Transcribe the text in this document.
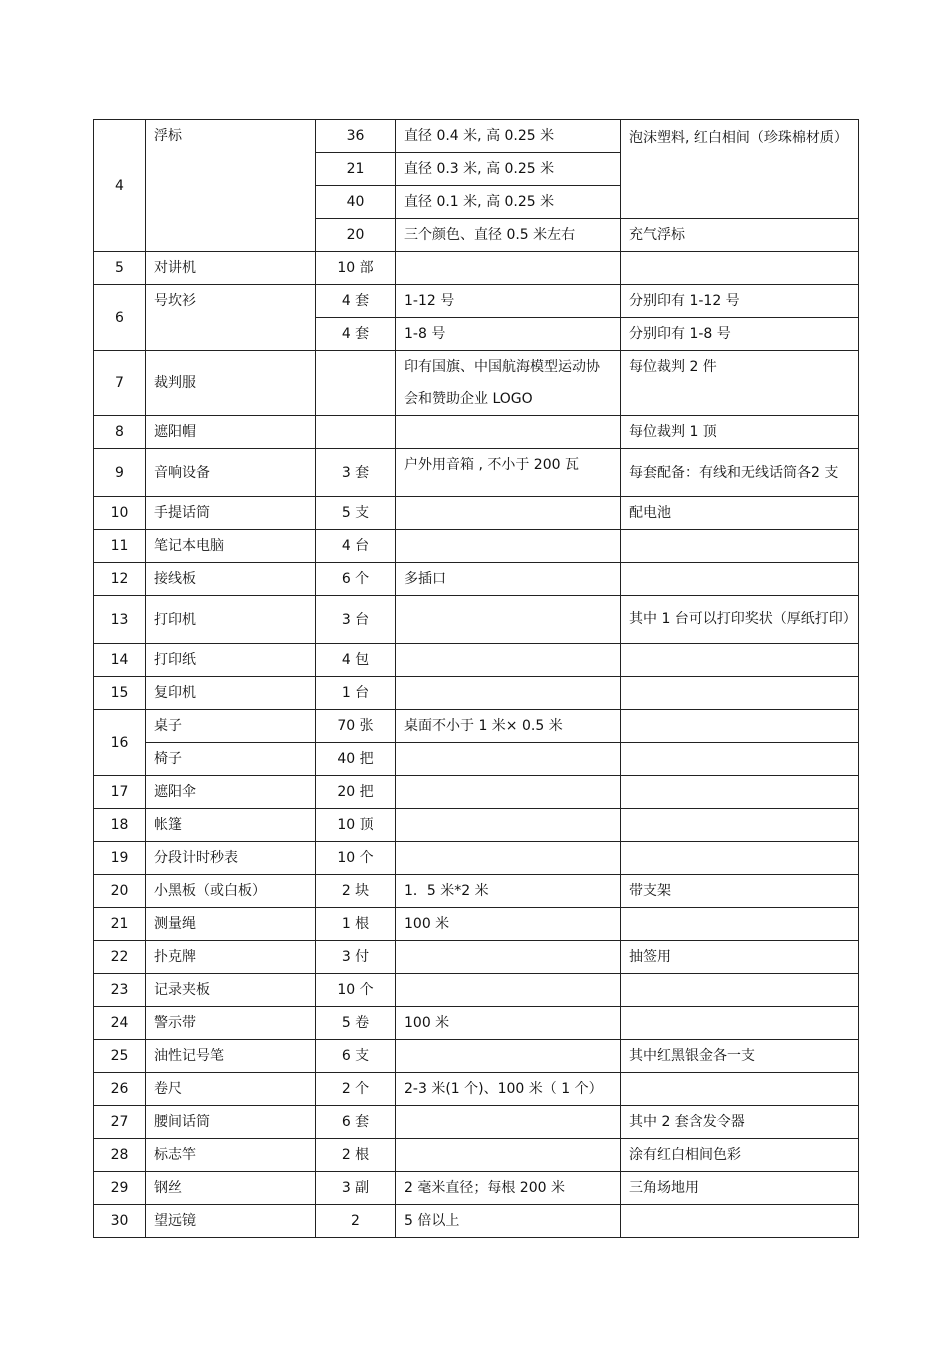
4	浮标	36	直径 0.4 米, 高 0.25 米	泡沫塑料, 红白相间（珍珠棉材质）
		21	直径 0.3 米, 高 0.25 米	
		40	直径 0.1 米, 高 0.25 米	
		20	三个颜色、直径 0.5 米左右	充气浮标
5	对讲机	10 部		
6	号坎衫	4 套	1-12 号	分别印有 1-12 号
		4 套	1-8 号	分别印有 1-8 号
7	裁判服		印有国旗、中国航海模型运动协会和赞助企业 LOGO	每位裁判 2 件
8	遮阳帽			每位裁判 1 顶
9	音响设备	3 套	户外用音箱 , 不小于 200 瓦	每套配备：有线和无线话筒各2 支
10	手提话筒	5 支		配电池
11	笔记本电脑	4 台		
12	接线板	6 个	多插口	
13	打印机	3 台		其中 1 台可以打印奖状（厚纸打印）
14	打印纸	4 包		
15	复印机	1 台		
16	桌子	70 张	桌面不小于 1 米× 0.5 米	
	椅子	40 把		
17	遮阳伞	20 把		
18	帐篷	10 顶		
19	分段计时秒表	10 个		
20	小黑板（或白板）	2 块	1．5 米*2 米	带支架
21	测量绳	1 根	100 米	
22	扑克牌	3 付		抽签用
23	记录夹板	10 个		
24	警示带	5 卷	100 米	
25	油性记号笔	6 支		其中红黑银金各一支
26	卷尺	2 个	2-3 米(1 个)、100 米（ 1 个）	
27	腰间话筒	6 套		其中 2 套含发令器
28	标志竿	2 根		涂有红白相间色彩
29	钢丝	3 副	2 毫米直径；每根 200 米	三角场地用
30	望远镜	2	5 倍以上	
